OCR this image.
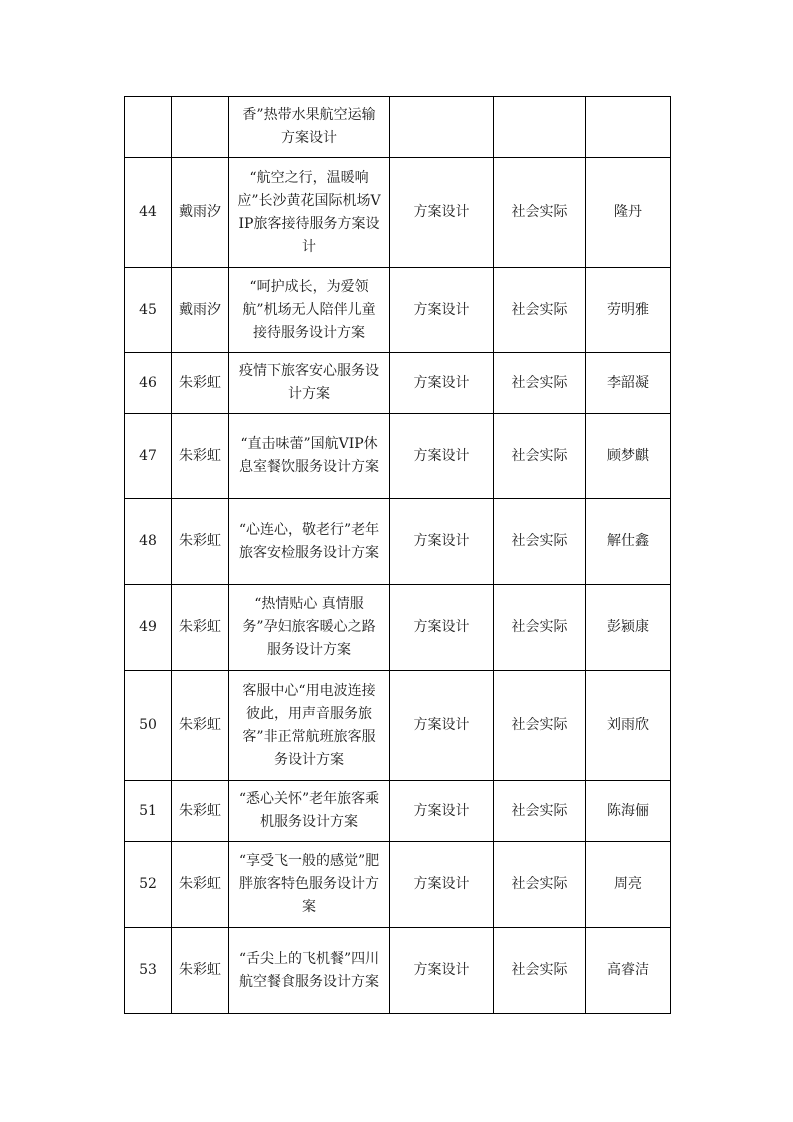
		香”热带水果航空运输方案设计			
44	戴雨汐	“航空之行，温暖响应”长沙黄花国际机场VIP旅客接待服务方案设计	方案设计	社会实际	隆丹
45	戴雨汐	“呵护成长，为爱领航”机场无人陪伴儿童接待服务设计方案	方案设计	社会实际	劳明雅
46	朱彩虹	疫情下旅客安心服务设计方案	方案设计	社会实际	李韶凝
47	朱彩虹	“直击味蕾”国航VIP休息室餐饮服务设计方案	方案设计	社会实际	顾梦麒
48	朱彩虹	“心连心，敬老行”老年旅客安检服务设计方案	方案设计	社会实际	解仕鑫
49	朱彩虹	“热情贴心 真情服务”孕妇旅客暖心之路服务设计方案	方案设计	社会实际	彭颍康
50	朱彩虹	客服中心“用电波连接彼此，用声音服务旅客”非正常航班旅客服务设计方案	方案设计	社会实际	刘雨欣
51	朱彩虹	“悉心关怀”老年旅客乘机服务设计方案	方案设计	社会实际	陈海俪
52	朱彩虹	“享受飞一般的感觉”肥胖旅客特色服务设计方案	方案设计	社会实际	周亮
53	朱彩虹	“舌尖上的飞机餐”四川航空餐食服务设计方案	方案设计	社会实际	高睿洁
